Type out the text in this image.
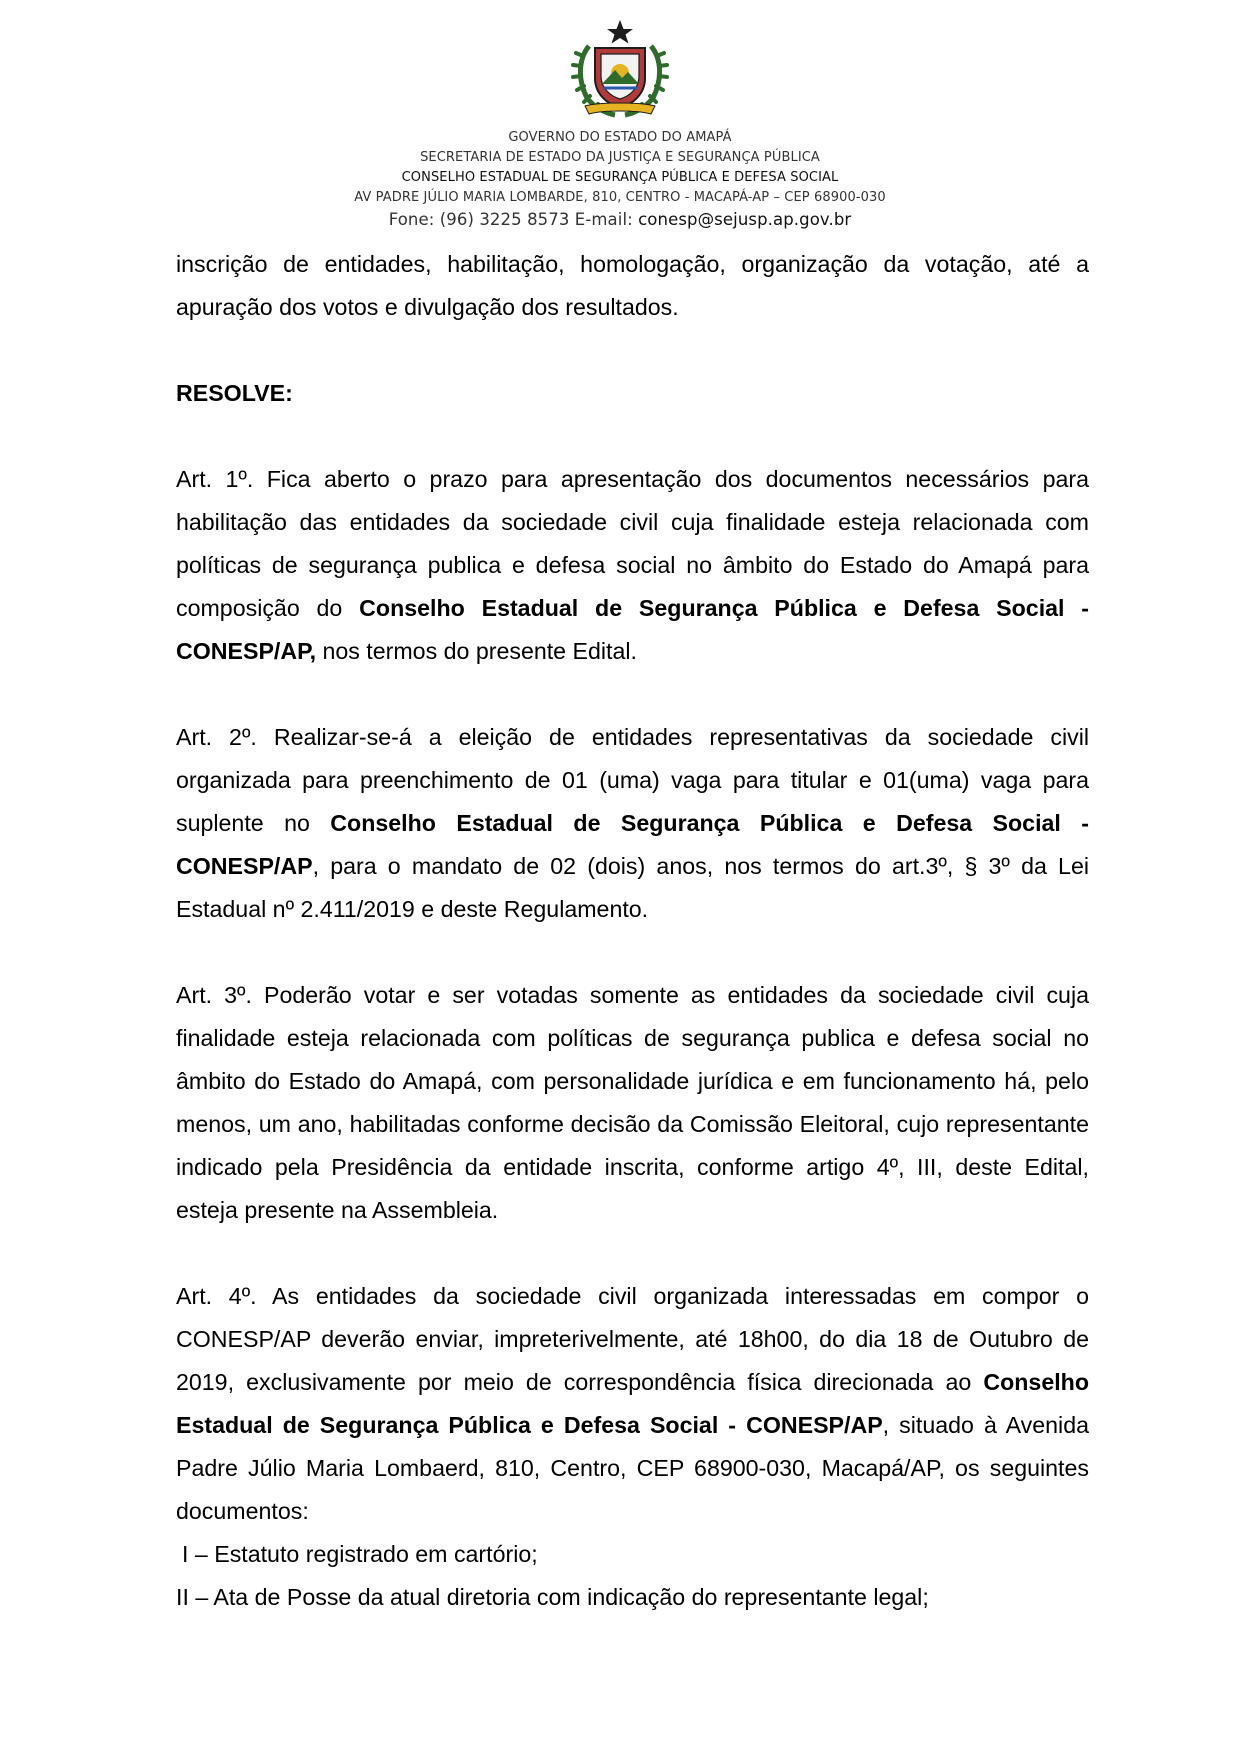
GOVERNO DO ESTADO DO AMAPÁ
SECRETARIA DE ESTADO DA JUSTIÇA E SEGURANÇA PÚBLICA
CONSELHO ESTADUAL DE SEGURANÇA PÚBLICA E DEFESA SOCIAL
AV PADRE JÚLIO MARIA LOMBARDE, 810, CENTRO - MACAPÁ-AP – CEP 68900-030
Fone: (96) 3225 8573 E-mail: conesp@sejusp.ap.gov.br

inscrição de entidades, habilitação, homologação, organização da votação, até a apuração dos votos e divulgação dos resultados.

RESOLVE:

Art. 1º. Fica aberto o prazo para apresentação dos documentos necessários para habilitação das entidades da sociedade civil cuja finalidade esteja relacionada com políticas de segurança publica e defesa social no âmbito do Estado do Amapá para composição do Conselho Estadual de Segurança Pública e Defesa Social - CONESP/AP, nos termos do presente Edital.

Art. 2º. Realizar-se-á a eleição de entidades representativas da sociedade civil organizada para preenchimento de 01 (uma) vaga para titular e 01(uma) vaga para suplente no Conselho Estadual de Segurança Pública e Defesa Social - CONESP/AP, para o mandato de 02 (dois) anos, nos termos do art.3º, § 3º da Lei Estadual nº 2.411/2019 e deste Regulamento.

Art. 3º. Poderão votar e ser votadas somente as entidades da sociedade civil cuja finalidade esteja relacionada com políticas de segurança publica e defesa social no âmbito do Estado do Amapá, com personalidade jurídica e em funcionamento há, pelo menos, um ano, habilitadas conforme decisão da Comissão Eleitoral, cujo representante indicado pela Presidência da entidade inscrita, conforme artigo 4º, III, deste Edital, esteja presente na Assembleia.

Art. 4º. As entidades da sociedade civil organizada interessadas em compor o CONESP/AP deverão enviar, impreterivelmente, até 18h00, do dia 18 de Outubro de 2019, exclusivamente por meio de correspondência física direcionada ao Conselho Estadual de Segurança Pública e Defesa Social - CONESP/AP, situado à Avenida Padre Júlio Maria Lombaerd, 810, Centro, CEP 68900-030, Macapá/AP, os seguintes documentos:

I – Estatuto registrado em cartório;

II – Ata de Posse da atual diretoria com indicação do representante legal;
